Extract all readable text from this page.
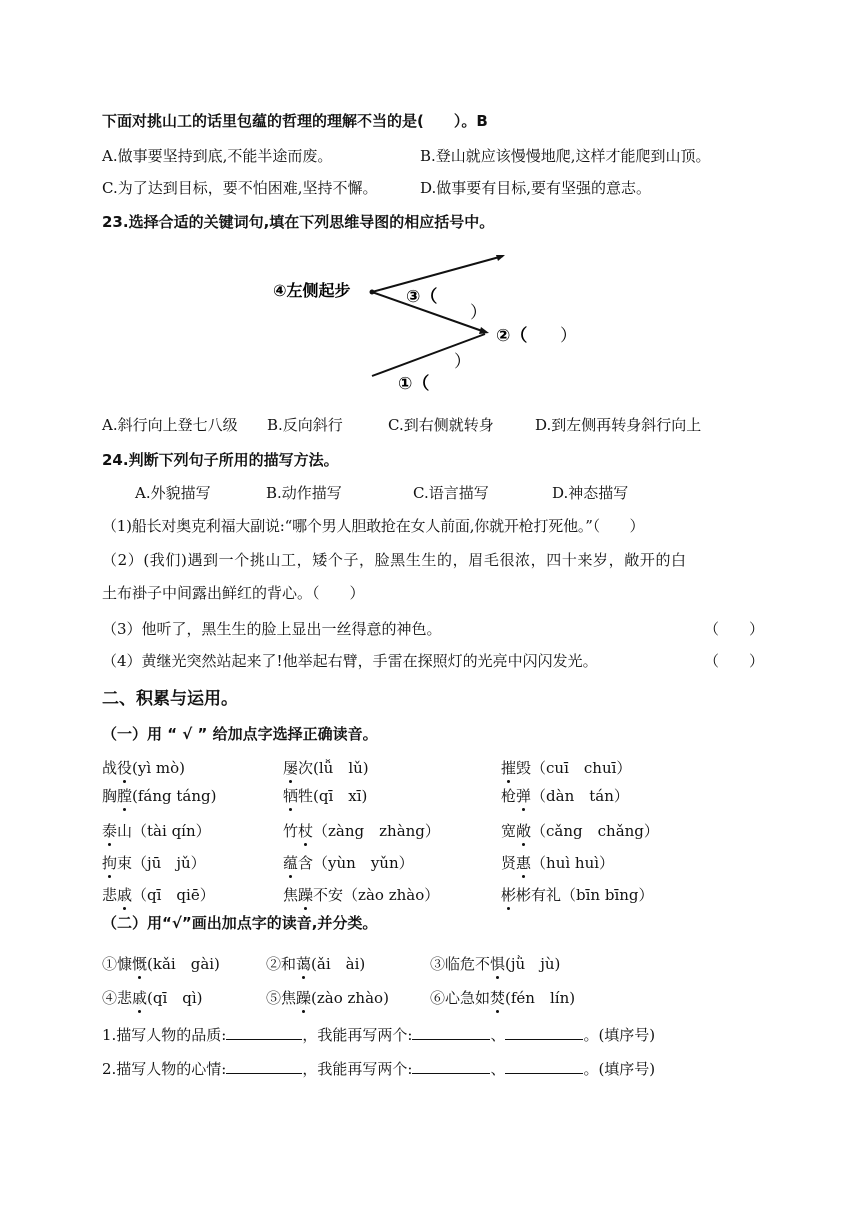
下面对挑山工的话里包蕴的哲理的理解不当的是(　　）。B
A.做事要坚持到底,不能半途而废。	B.登山就应该慢慢地爬,这样才能爬到山顶。
C.为了达到目标，要不怕困难,坚持不懈。	D.做事要有目标,要有坚强的意志。
23.选择合适的关键词句,填在下列思维导图的相应括号中。
④左侧起步	③（
）
②（ ）
）
①（
A.斜行向上登七八级 B.反向斜行	C.到右侧就转身	D.到左侧再转身斜行向上
24.判断下列句子所用的描写方法。
A.外貌描写	B.动作描写	C.语言描写	D.神态描写
（1)船长对奥克利福大副说:“哪个男人胆敢抢在女人前面,你就开枪打死他。”（　　）
（2）(我们)遇到一个挑山工，矮个子，脸黑生生的，眉毛很浓，四十来岁，敞开的白
土布褂子中间露出鲜红的背心。（　　）
（3）他听了，黑生生的脸上显出一丝得意的神色。	（　　）
（4）黄继光突然站起来了!他举起右臂，手雷在探照灯的光亮中闪闪发光。	（　　）
二、积累与运用。
（一）用 “ √ ” 给加点字选择正确读音。
战役(yì mò)	屡次(lǚ　lǔ)	摧毁（cuī　chuī）
胸膛(fáng táng)	牺牲(qī　xī)	枪弹（dàn　tán）
泰山（tài qín）	竹杖（zàng　zhàng）	宽敞（cǎng　chǎng）
拘束（jū　jǔ）	蕴含（yùn　yǔn）	贤惠（huì huì）
悲戚（qī　qiē）	焦躁不安（zào zhào）	彬彬有礼（bīn bīng）
（二）用“√”画出加点字的读音,并分类。
①慷慨(kǎi　gài)	②和蔼(ǎi　ài)	③临危不惧(jǜ　jù)
④悲戚(qī　qì)	⑤焦躁(zào zhào)	⑥心急如焚(fén　lín)
1.描写人物的品质:	，我能再写两个:	、	。(填序号)
2.描写人物的心情:	，我能再写两个:	、	。(填序号)
